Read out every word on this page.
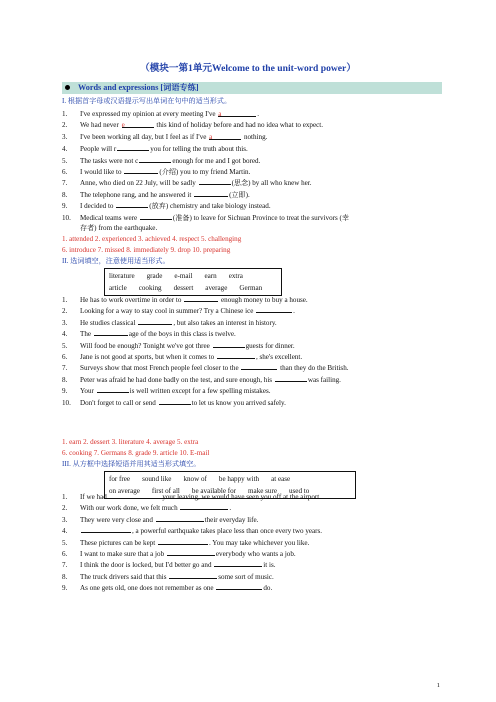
（模块一第1单元Welcome to the unit-word power）
Words and expressions [词语专练]
I. 根据首字母或汉语提示写出单词在句中的适当形式。
存者) from the earthquake.
1. attended 2. experienced 3. achieved 4. respect 5. challenging
6. introduce 7. missed 8. immediately 9. drop 10. preparing
II. 选词填空，注意使用适当形式。
literature grade e-mail earn extra
article cooking dessert average German
1. earn 2. dessert 3. literature 4. average 5. extra
6. cooking 7. Germans 8. grade 9. article 10. E-mail
III. 从方框中选择短语并用其适当形式填空。
for free sound like know of be happy with at ease
on average first of all be available for make sure used to
1
1. I've expressed my opinion at every meeting I've a	.
2. We had never e	this kind of holiday before and had no idea what to expect.
3. I've been working all day, but I feel as if I've a	nothing.
4. People will r	you for telling the truth about this.
5. The tasks were not c	enough for me and I got bored.
6. I would like to	(介绍) you to my friend Martin.
7. Anne, who died on 22 July, will be sadly	(思念) by all who knew her.
8. The telephone rang, and he answered it	(立即).
9. I decided to	(放弃) chemistry and take biology instead.
10. Medical teams were	(准备) to leave for Sichuan Province to treat the survivors (幸
1. He has to work overtime in order to	enough money to buy a house.
2. Looking for a way to stay cool in summer? Try a Chinese ice	.
3. He studies classical	, but also takes an interest in history.
4. The	age of the boys in this class is twelve.
5. Will food be enough? Tonight we've got three	guests for dinner.
6. Jane is not good at sports, but when it comes to	, she's excellent.
7. Surveys show that most French people feel closer to the	than they do the British.
8. Peter was afraid he had done badly on the test, and sure enough, his	was failing.
9. Your	is well written except for a few spelling mistakes.
10. Don't forget to call or send	to let us know you arrived safely.
1. If we had	your leaving, we would have seen you off at the airport.
2. With our work done, we felt much	.
3. They were very close and	their everyday life.
4.	, a powerful earthquake takes place less than once every two years.
5. These pictures can be kept	. You may take whichever you like.
6. I want to make sure that a job	everybody who wants a job.
7. I think the door is locked, but I'd better go and	it is.
8. The truck drivers said that this	some sort of music.
9. As one gets old, one does not remember as one	do.
